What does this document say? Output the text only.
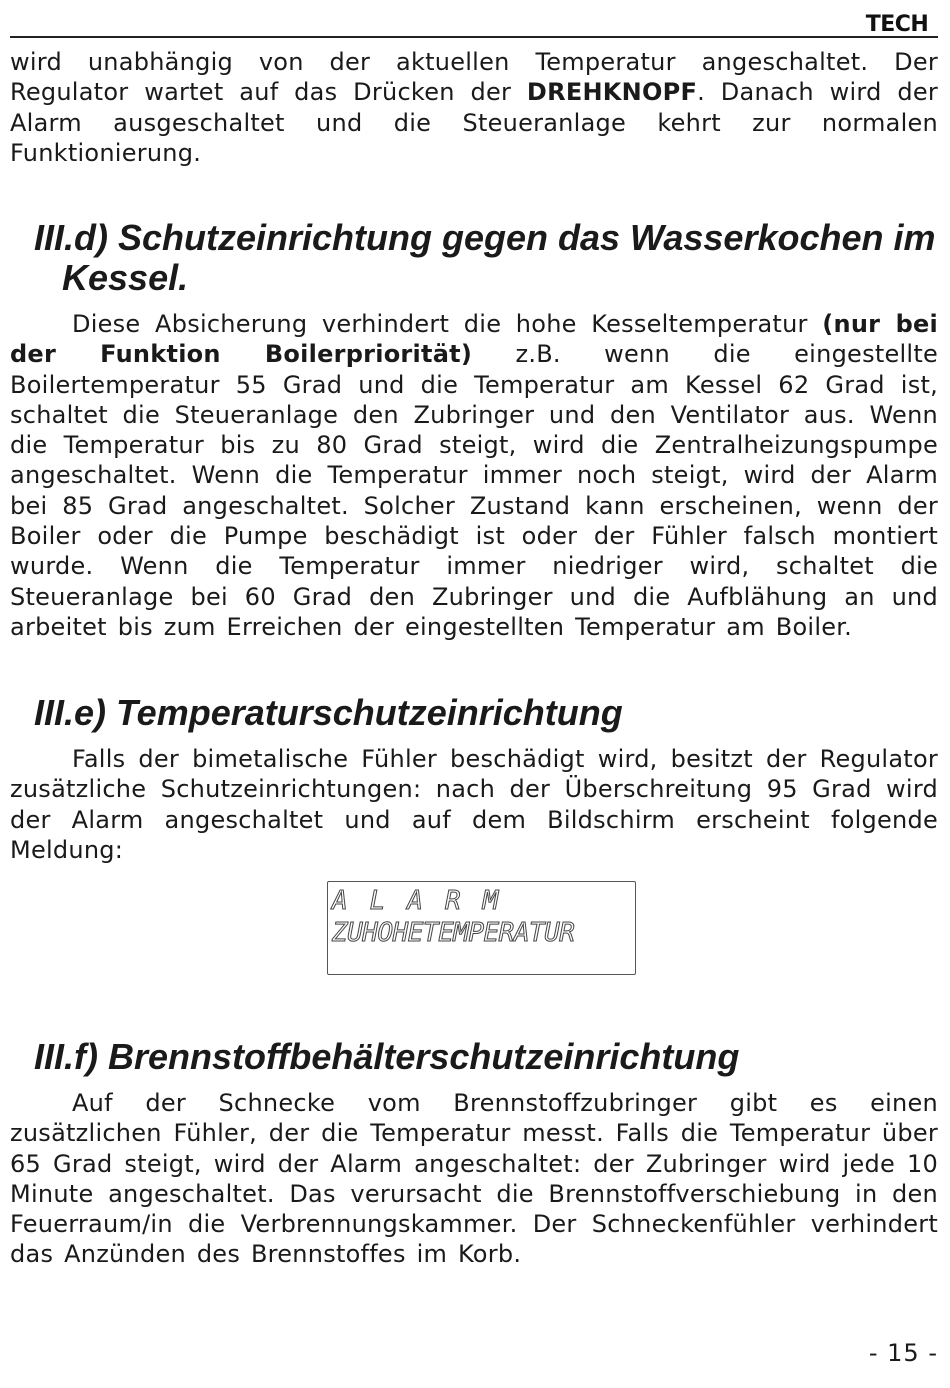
TECH

wird unabhängig von der aktuellen Temperatur angeschaltet. Der Regulator wartet auf das Drücken der DREHKNOPF. Danach wird der Alarm ausgeschaltet und die Steueranlage kehrt zur normalen Funktionierung.

III.d) Schutzeinrichtung gegen das Wasserkochen im
Kessel.

Diese Absicherung verhindert die hohe Kesseltemperatur (nur bei der Funktion Boilerpriorität) z.B. wenn die eingestellte Boilertemperatur 55 Grad und die Temperatur am Kessel 62 Grad ist, schaltet die Steueranlage den Zubringer und den Ventilator aus. Wenn die Temperatur bis zu 80 Grad steigt, wird die Zentralheizungspumpe angeschaltet. Wenn die Temperatur immer noch steigt, wird der Alarm bei 85 Grad angeschaltet. Solcher Zustand kann erscheinen, wenn der Boiler oder die Pumpe beschädigt ist oder der Fühler falsch montiert wurde. Wenn die Temperatur immer niedriger wird, schaltet die Steueranlage bei 60 Grad den Zubringer und die Aufblähung an und arbeitet bis zum Erreichen der eingestellten Temperatur am Boiler.

III.e) Temperaturschutzeinrichtung

Falls der bimetalische Fühler beschädigt wird, besitzt der Regulator zusätzliche Schutzeinrichtungen: nach der Überschreitung 95 Grad wird der Alarm angeschaltet und auf dem Bildschirm erscheint folgende Meldung:

ALARM
ZUHOHETEMPERATUR
III.f) Brennstoffbehälterschutzeinrichtung

Auf der Schnecke vom Brennstoffzubringer gibt es einen zusätzlichen Fühler, der die Temperatur messt. Falls die Temperatur über 65 Grad steigt, wird der Alarm angeschaltet: der Zubringer wird jede 10 Minute angeschaltet. Das verursacht die Brennstoffverschiebung in den Feuerraum/in die Verbrennungskammer. Der Schneckenfühler verhindert das Anzünden des Brennstoffes im Korb.

- 15 -
